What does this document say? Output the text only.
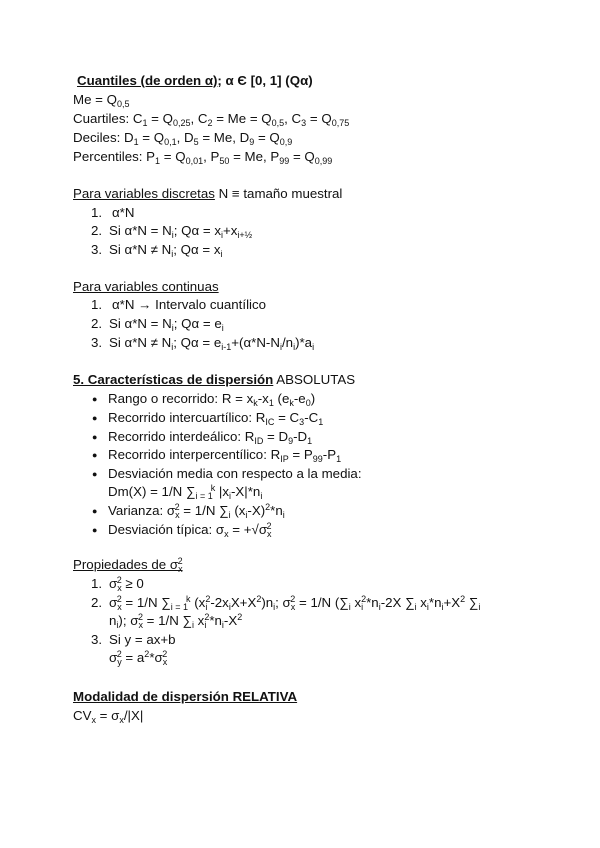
Cuantiles (de orden α); α Є [0, 1] (Qα)
$Me = Q_{0,5}$
Cuartiles: $C_1 = Q_{0,25}$, $C_2 = Me = Q_{0,5}$, $C_3 = Q_{0,75}$
Deciles: $D_1 = Q_{0,1}$, $D_5 = Me$, $D_9 = Q_{0,9}$
Percentiles: $P_1 = Q_{0,01}$, $P_{50} = Me$, $P_{99} = Q_{0,99}$
Para variables discretas N ≡ tamaño muestral
1. α*N
2. Si $\alpha*N = N_i$; $Q\alpha = x_i+x_{i+\frac{1}{2}}$
3. Si $\alpha*N \ne N_i$; $Q\alpha = x_i$
Para variables continuas
1. α*N → Intervalo cuantílico
2. Si $\alpha*N = N_i$; $Q\alpha = e_i$
3. Si $\alpha*N \ne N_i$; $Q\alpha = e_{i-1}+(\alpha*N-N_i/n_i)*a_i$
5. Características de dispersión ABSOLUTAS
● Rango o recorrido: $R = x_k-x_1$ $(e_k-e_0)$
● Recorrido intercuartílico: $R_{IC} = C_3-C_1$
● Recorrido interdeálico: $R_{ID} = D_9-D_1$
● Recorrido interpercentílico: $R_{IP} = P_{99}-P_1$
● Desviación media con respecto a la media:
Dm(X) = 1/N $\sum_{i = 1}^k$ $|x_i-X|*n_i$
● Varianza: $\sigma_x^2 = 1/N$ $\sum_i$ $(x_i-X)^2*n_i$
● Desviación típica: $\sigma_x = +√\sigma_x^2$
Propiedades de $\sigma_x^2$
1. $\sigma_x^2 \ge 0$
2. $\sigma_x^2 = 1/N$ $\sum_{i = 1}^k$ $(x_i^2-2x_iX+X^2)n_i$; $\sigma_x^2 = 1/N$ ($\sum_i$ $x_i^2*n_i-2X$ $\sum_i$ $x_i*n_i+X^2$ $\sum_i$
$n_i$); $\sigma_x^2 = 1/N$ $\sum_i$ $x_i^2*n_i-X^2$
3. Si y = ax+b
$\sigma_y^2 = a^2*\sigma_x^2$
Modalidad de dispersión RELATIVA
$CV_x = \sigma_x/|X|$
